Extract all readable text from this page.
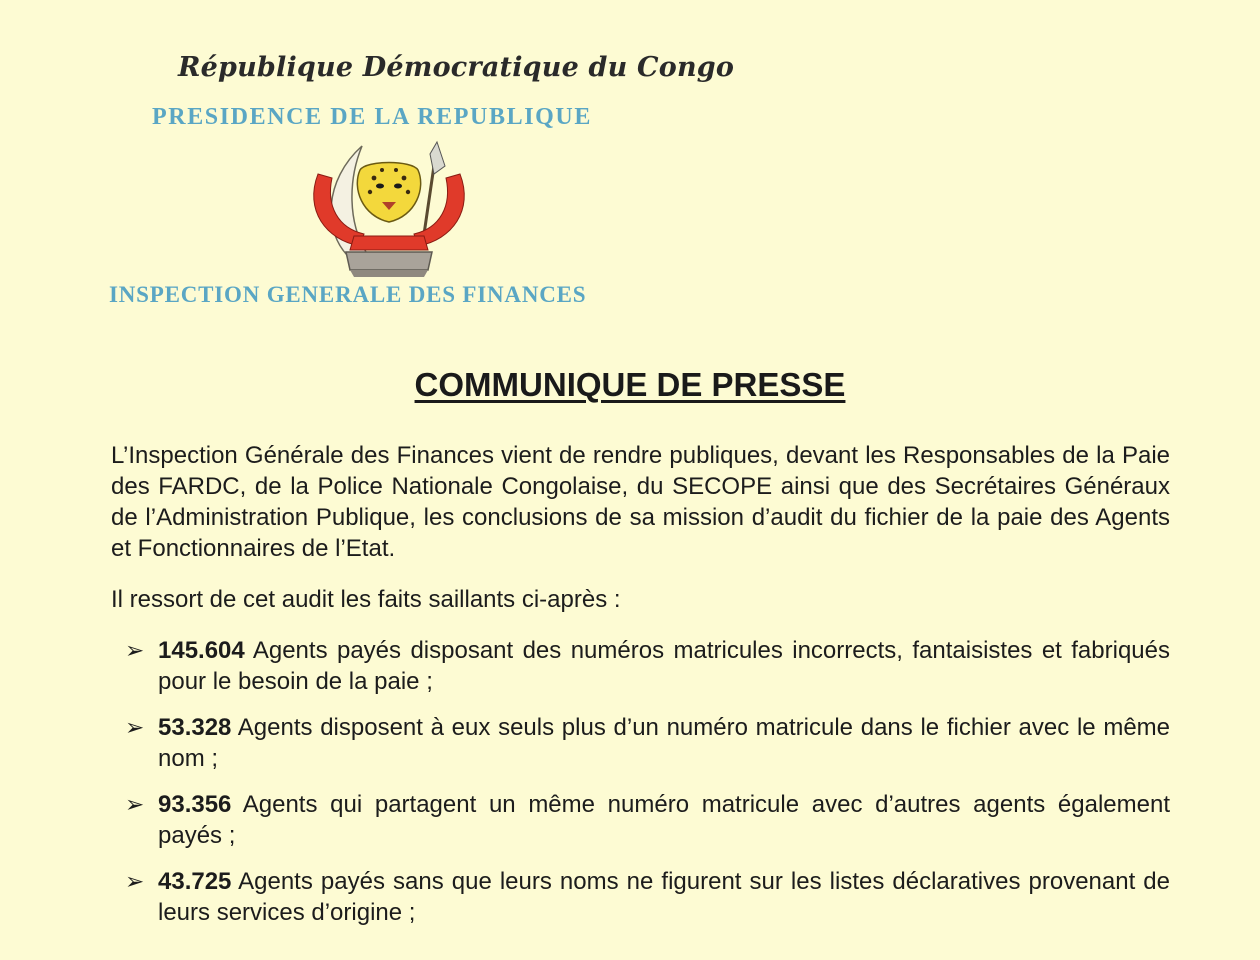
République Démocratique du Congo
PRESIDENCE DE LA REPUBLIQUE
INSPECTION GENERALE DES FINANCES
COMMUNIQUE DE PRESSE

L’Inspection Générale des Finances vient de rendre publiques, devant les Responsables de la Paie des FARDC, de la Police Nationale Congolaise, du SECOPE ainsi que des Secrétaires Généraux de l’Administration Publique, les conclusions de sa mission d’audit du fichier de la paie des Agents et Fonctionnaires de l’Etat.

Il ressort de cet audit les faits saillants ci-après :

➢ 145.604 Agents payés disposant des numéros matricules incorrects, fantaisistes et fabriqués pour le besoin de la paie ;
➢ 53.328 Agents disposent à eux seuls plus d’un numéro matricule dans le fichier avec le même nom ;
➢ 93.356 Agents qui partagent un même numéro matricule avec d’autres agents également payés ;
➢ 43.725 Agents payés sans que leurs noms ne figurent sur les listes déclaratives provenant de leurs services d’origine ;
